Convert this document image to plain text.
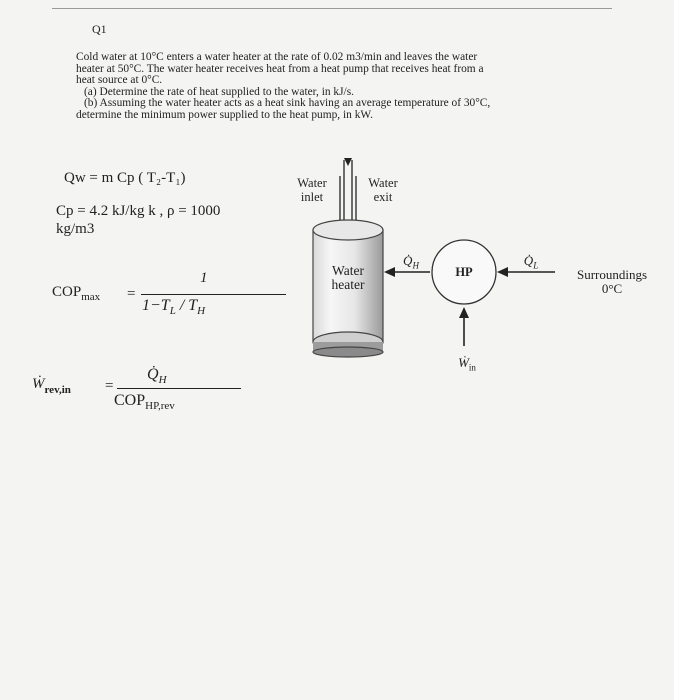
Q1

Cold water at 10°C enters a water heater at the rate of 0.02 m3/min and leaves the water

heater at 50°C. The water heater receives heat from a heat pump that receives heat from a

heat source at 0°C.

(a) Determine the rate of heat supplied to the water, in kJ/s.

(b) Assuming the water heater acts as a heat sink having an average temperature of 30°C,

determine the minimum power supplied to the heat pump, in kW.

Qw = m Cp ( T₂-T₁)
Cp = 4.2 kJ/kg k , ρ = 1000
kg/m3
$COP_{max}$ =
1
$1-T_L / T_H$
Ẇ$_{rev,in}$ =
$Q̇_H$
$COP_{HP,rev}$
Water
inlet
Water
exit
Water
heater
$Q̇_H$	HP
$Q̇_L$
Surroundings
0°C
Ẇ$_{in}$
